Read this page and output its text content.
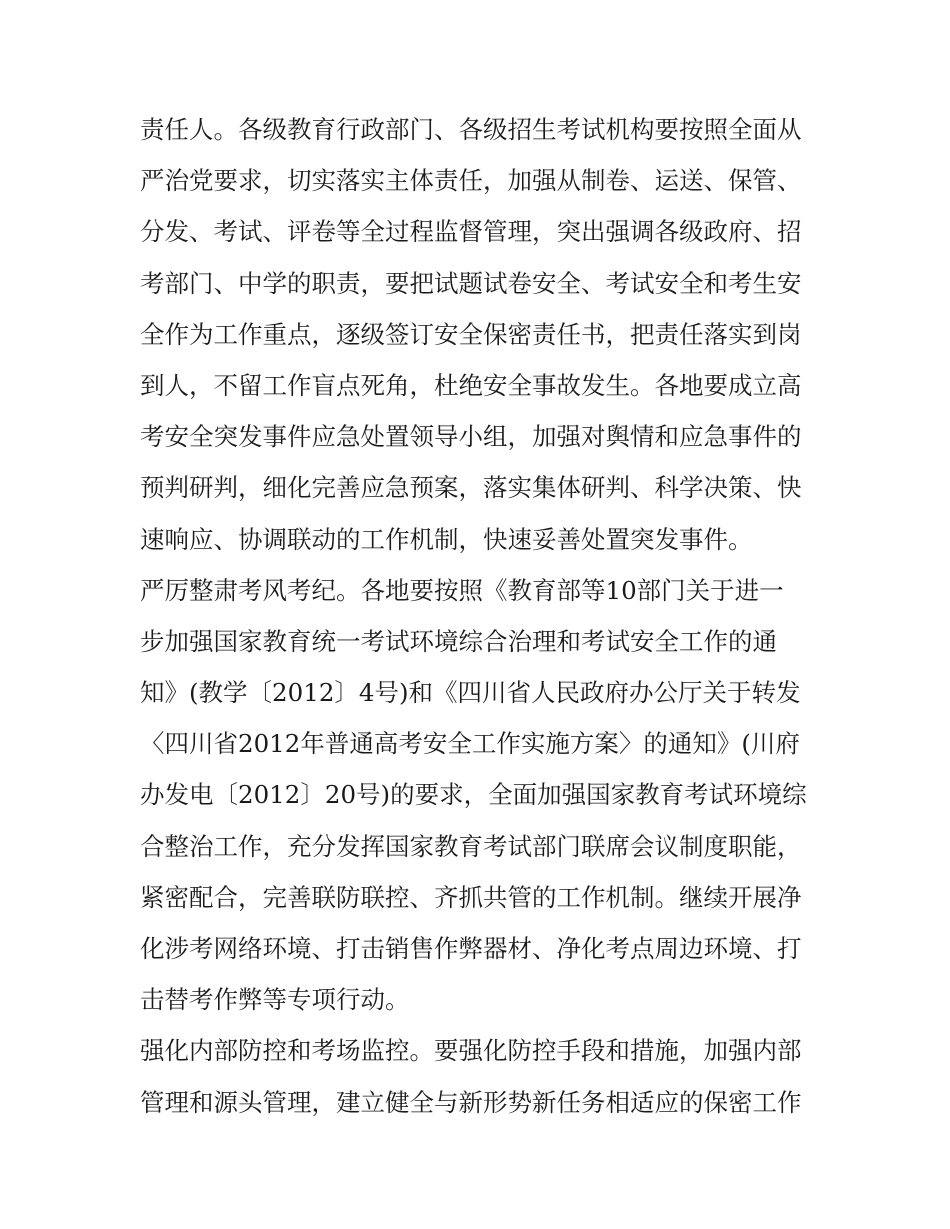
责任人。各级教育行政部门、各级招生考试机构要按照全面从
严治党要求，切实落实主体责任，加强从制卷、运送、保管、
分发、考试、评卷等全过程监督管理，突出强调各级政府、招
考部门、中学的职责，要把试题试卷安全、考试安全和考生安
全作为工作重点，逐级签订安全保密责任书，把责任落实到岗
到人，不留工作盲点死角，杜绝安全事故发生。各地要成立高
考安全突发事件应急处置领导小组，加强对舆情和应急事件的
预判研判，细化完善应急预案，落实集体研判、科学决策、快
速响应、协调联动的工作机制，快速妥善处置突发事件。
严厉整肃考风考纪。各地要按照《教育部等10部门关于进一
步加强国家教育统一考试环境综合治理和考试安全工作的通
知》(教学〔2012〕4号)和《四川省人民政府办公厅关于转发
〈四川省2012年普通高考安全工作实施方案〉的通知》(川府
办发电〔2012〕20号)的要求，全面加强国家教育考试环境综
合整治工作，充分发挥国家教育考试部门联席会议制度职能，
紧密配合，完善联防联控、齐抓共管的工作机制。继续开展净
化涉考网络环境、打击销售作弊器材、净化考点周边环境、打
击替考作弊等专项行动。
强化内部防控和考场监控。要强化防控手段和措施，加强内部
管理和源头管理，建立健全与新形势新任务相适应的保密工作
